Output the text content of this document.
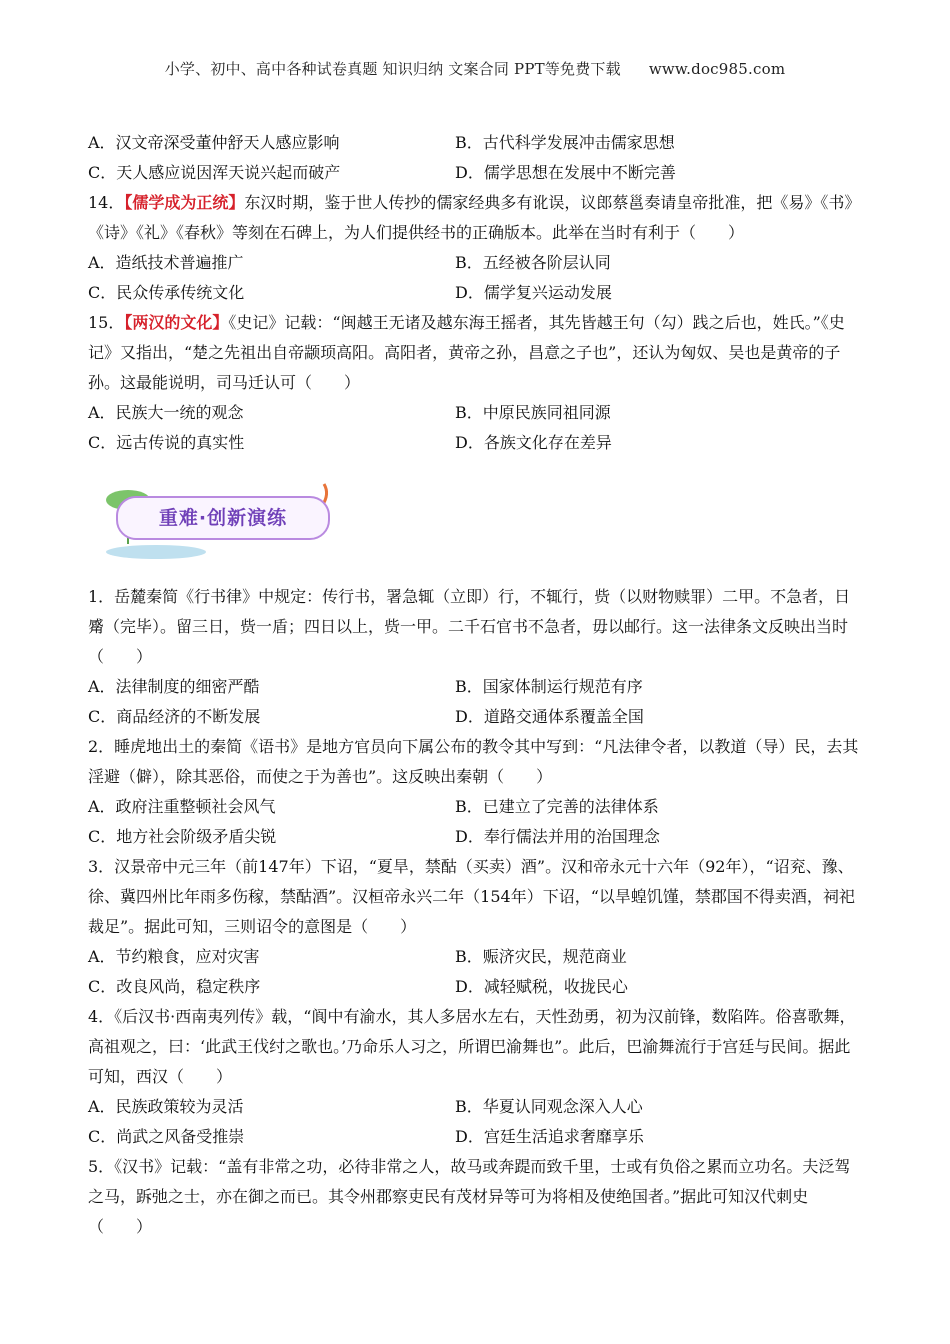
小学、初中、高中各种试卷真题 知识归纳 文案合同 PPT等免费下载 www.doc985.com
A．汉文帝深受董仲舒天人感应影响	B．古代科学发展冲击儒家思想
C．天人感应说因浑天说兴起而破产	D．儒学思想在发展中不断完善

14．【儒学成为正统】东汉时期，鉴于世人传抄的儒家经典多有讹误，议郎蔡邕奏请皇帝批准，把《易》《书》《诗》《礼》《春秋》等刻在石碑上，为人们提供经书的正确版本。此举在当时有利于（　　）

A．造纸技术普遍推广	B．五经被各阶层认同
C．民众传承传统文化	D．儒学复兴运动发展

15．【两汉的文化】《史记》记载：“闽越王无诸及越东海王摇者，其先皆越王句（勾）践之后也，姓氏。”《史记》又指出，“楚之先祖出自帝颛顼高阳。高阳者，黄帝之孙，昌意之子也”，还认为匈奴、吴也是黄帝的子孙。这最能说明，司马迁认可（　　）

A．民族大一统的观念	B．中原民族同祖同源
C．远古传说的真实性	D．各族文化存在差异
重难·创新演练

1．岳麓秦简《行书律》中规定：传行书，署急辄（立即）行，不辄行，赀（以财物赎罪）二甲。不急者，日觱（完毕）。留三日，赀一盾；四日以上，赀一甲。二千石官书不急者，毋以邮行。这一法律条文反映出当时（　　）

A．法律制度的细密严酷	B．国家体制运行规范有序
C．商品经济的不断发展	D．道路交通体系覆盖全国

2．睡虎地出土的秦简《语书》是地方官员向下属公布的教令其中写到：“凡法律令者，以教道（导）民，去其淫避（僻），除其恶俗，而使之于为善也”。这反映出秦朝（　　）

A．政府注重整顿社会风气	B．已建立了完善的法律体系
C．地方社会阶级矛盾尖锐	D．奉行儒法并用的治国理念

3．汉景帝中元三年（前147年）下诏，“夏旱，禁酤（买卖）酒”。汉和帝永元十六年（92年），“诏兖、豫、徐、冀四州比年雨多伤稼，禁酤酒”。汉桓帝永兴二年（154年）下诏，“以旱蝗饥馑，禁郡国不得卖酒，祠祀裁足”。据此可知，三则诏令的意图是（　　）

A．节约粮食，应对灾害	B．赈济灾民，规范商业
C．改良风尚，稳定秩序	D．减轻赋税，收拢民心

4．《后汉书·西南夷列传》载，“阆中有渝水，其人多居水左右，天性劲勇，初为汉前锋，数陷阵。俗喜歌舞，高祖观之，曰：‘此武王伐纣之歌也。’乃命乐人习之，所谓巴渝舞也”。此后，巴渝舞流行于宫廷与民间。据此可知，西汉（　　）

A．民族政策较为灵活	B．华夏认同观念深入人心
C．尚武之风备受推崇	D．宫廷生活追求奢靡享乐

5．《汉书》记载：“盖有非常之功，必待非常之人，故马或奔踶而致千里，士或有负俗之累而立功名。夫泛驾之马，跅弛之士，亦在御之而已。其令州郡察吏民有茂材异等可为将相及使绝国者。”据此可知汉代刺史（　　）
